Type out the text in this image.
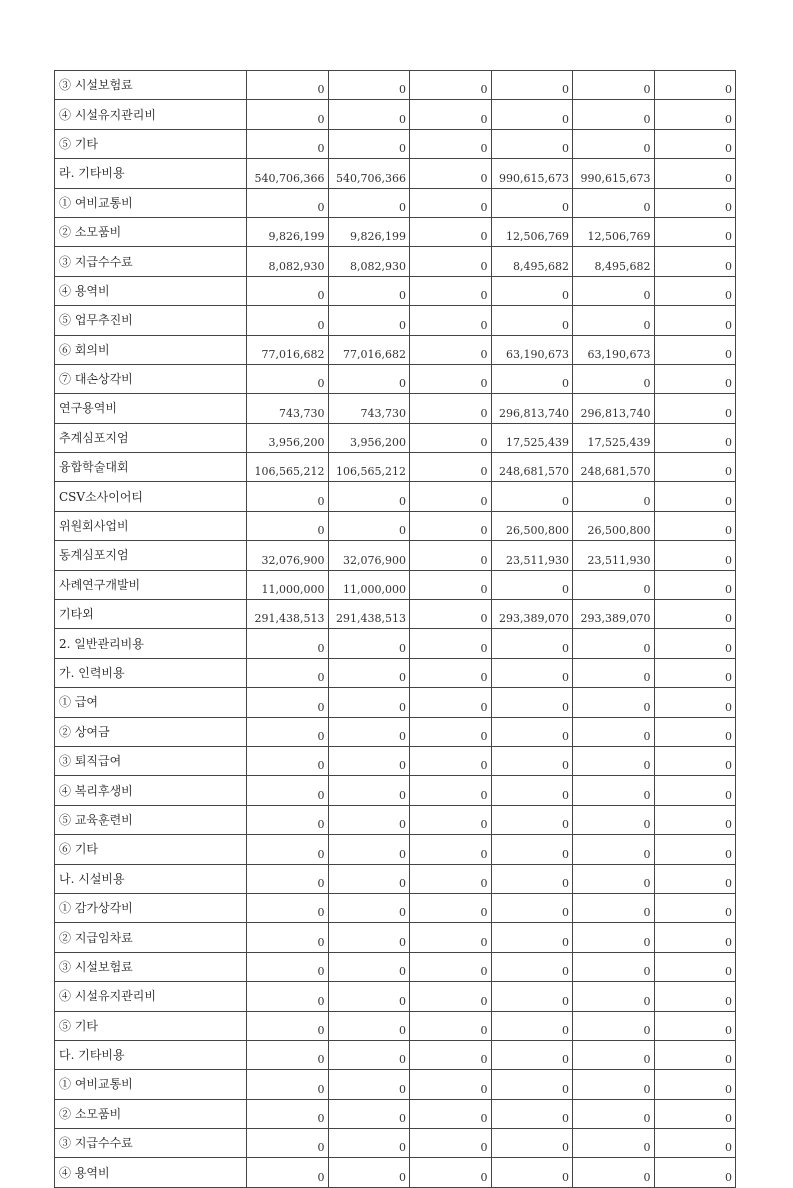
③ 시설보험료	0	0	0	0	0	0
④ 시설유지관리비	0	0	0	0	0	0
⑤ 기타	0	0	0	0	0	0
라. 기타비용	540,706,366	540,706,366	0	990,615,673	990,615,673	0
① 여비교통비	0	0	0	0	0	0
② 소모품비	9,826,199	9,826,199	0	12,506,769	12,506,769	0
③ 지급수수료	8,082,930	8,082,930	0	8,495,682	8,495,682	0
④ 용역비	0	0	0	0	0	0
⑤ 업무추진비	0	0	0	0	0	0
⑥ 회의비	77,016,682	77,016,682	0	63,190,673	63,190,673	0
⑦ 대손상각비	0	0	0	0	0	0
연구용역비	743,730	743,730	0	296,813,740	296,813,740	0
추계심포지엄	3,956,200	3,956,200	0	17,525,439	17,525,439	0
융합학술대회	106,565,212	106,565,212	0	248,681,570	248,681,570	0
CSV소사이어티	0	0	0	0	0	0
위원회사업비	0	0	0	26,500,800	26,500,800	0
동계심포지엄	32,076,900	32,076,900	0	23,511,930	23,511,930	0
사례연구개발비	11,000,000	11,000,000	0	0	0	0
기타외	291,438,513	291,438,513	0	293,389,070	293,389,070	0
2. 일반관리비용	0	0	0	0	0	0
가. 인력비용	0	0	0	0	0	0
① 급여	0	0	0	0	0	0
② 상여금	0	0	0	0	0	0
③ 퇴직급여	0	0	0	0	0	0
④ 복리후생비	0	0	0	0	0	0
⑤ 교육훈련비	0	0	0	0	0	0
⑥ 기타	0	0	0	0	0	0
나. 시설비용	0	0	0	0	0	0
① 감가상각비	0	0	0	0	0	0
② 지급임차료	0	0	0	0	0	0
③ 시설보험료	0	0	0	0	0	0
④ 시설유지관리비	0	0	0	0	0	0
⑤ 기타	0	0	0	0	0	0
다. 기타비용	0	0	0	0	0	0
① 여비교통비	0	0	0	0	0	0
② 소모품비	0	0	0	0	0	0
③ 지급수수료	0	0	0	0	0	0
④ 용역비	0	0	0	0	0	0
